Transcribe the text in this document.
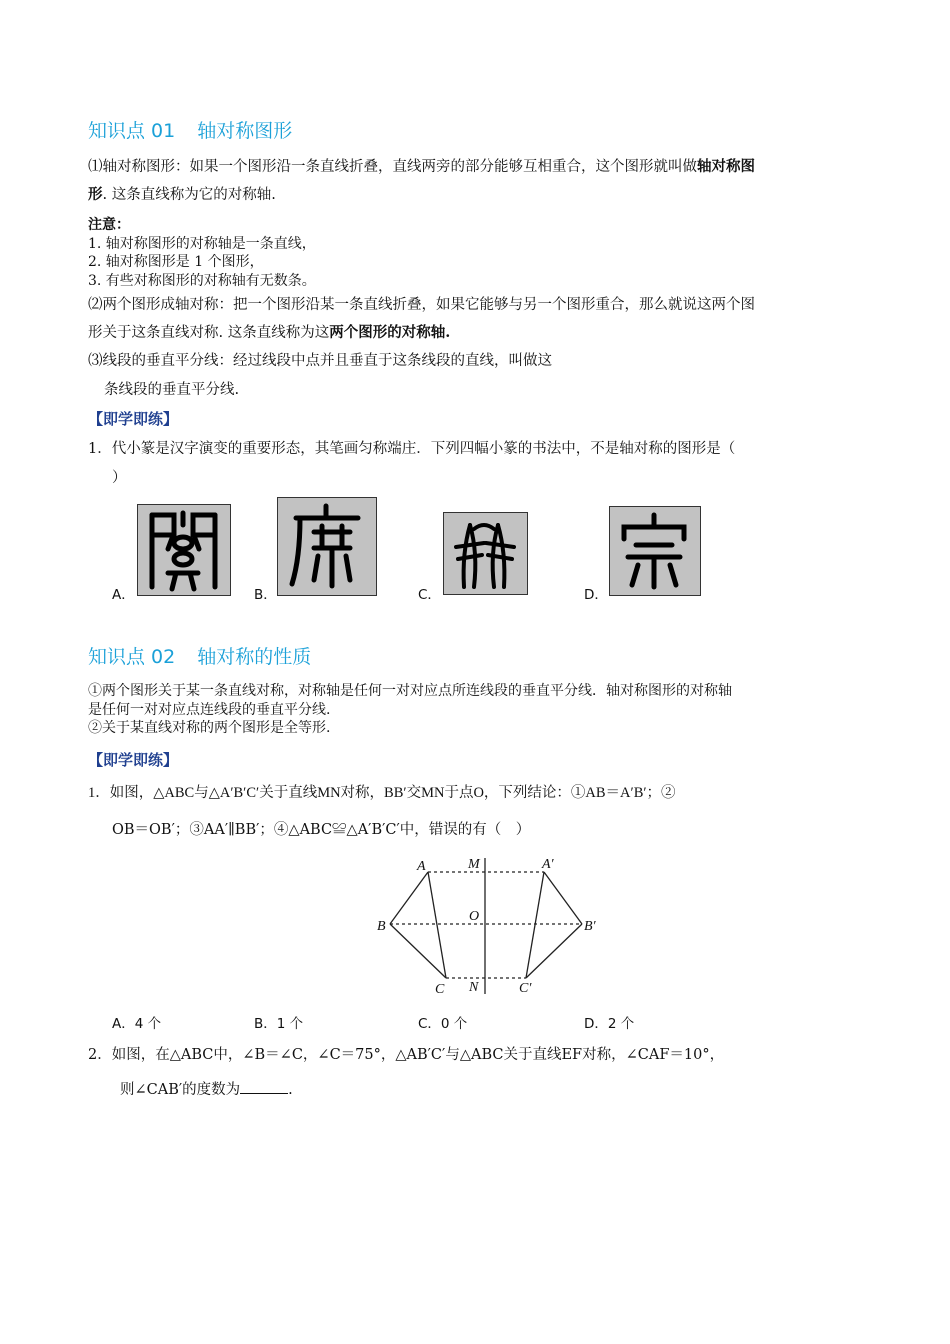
知识点 01 轴对称图形
⑴轴对称图形：如果一个图形沿一条直线折叠，直线两旁的部分能够互相重合，这个图形就叫做轴对称图
形. 这条直线称为它的对称轴.
注意：
1. 轴对称图形的对称轴是一条直线，
2. 轴对称图形是 1 个图形，
3. 有些对称图形的对称轴有无数条。
⑵两个图形成轴对称：把一个图形沿某一条直线折叠，如果它能够与另一个图形重合，那么就说这两个图
形关于这条直线对称. 这条直线称为这两个图形的对称轴.
⑶线段的垂直平分线：经过线段中点并且垂直于这条线段的直线，叫做这
条线段的垂直平分线.
【即学即练】
1．代小篆是汉字演变的重要形态，其笔画匀称端庄．下列四幅小篆的书法中，不是轴对称的图形是（
）
A．	B．	C．	D．
知识点 02 轴对称的性质
①两个图形关于某一条直线对称，对称轴是任何一对对应点所连线段的垂直平分线．轴对称图形的对称轴
是任何一对对应点连线段的垂直平分线.
②关于某直线对称的两个图形是全等形.
【即学即练】
1．如图，△ABC与△A′B′C′关于直线MN对称，BB′交MN于点O，下列结论：①AB＝A′B′；②
OB＝OB′；③AA′∥BB′；④△ABC≌△A′B′C′中，错误的有（　）
A	M	A′
B
O
B′
C N	C′
A．4 个	B．1 个	C．0 个	D．2 个
2．如图，在△ABC中，∠B＝∠C，∠C＝75°，△AB′C′与△ABC关于直线EF对称，∠CAF＝10°，
则∠CAB′的度数为	.
